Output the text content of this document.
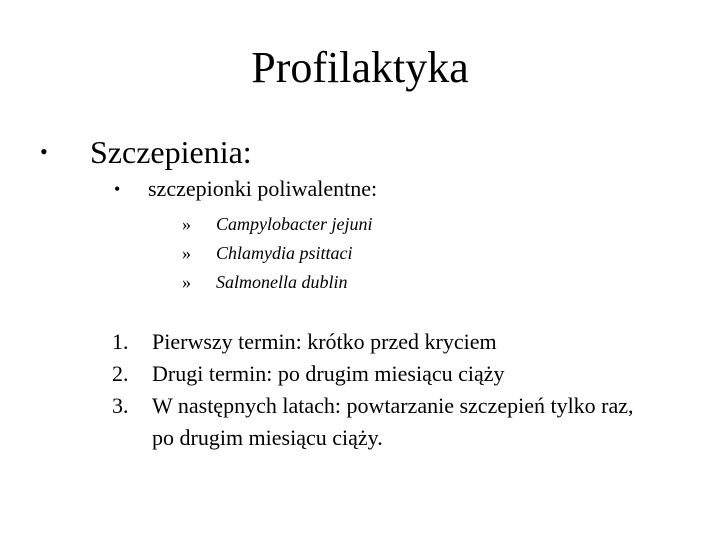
Profilaktyka
• Szczepienia:
• szczepionki poliwalentne:
» Campylobacter jejuni
» Chlamydia psittaci
» Salmonella dublin
1. Pierwszy termin: krótko przed kryciem
2. Drugi termin: po drugim miesiącu ciąży
3. W następnych latach: powtarzanie szczepień tylko raz,
po drugim miesiącu ciąży.
